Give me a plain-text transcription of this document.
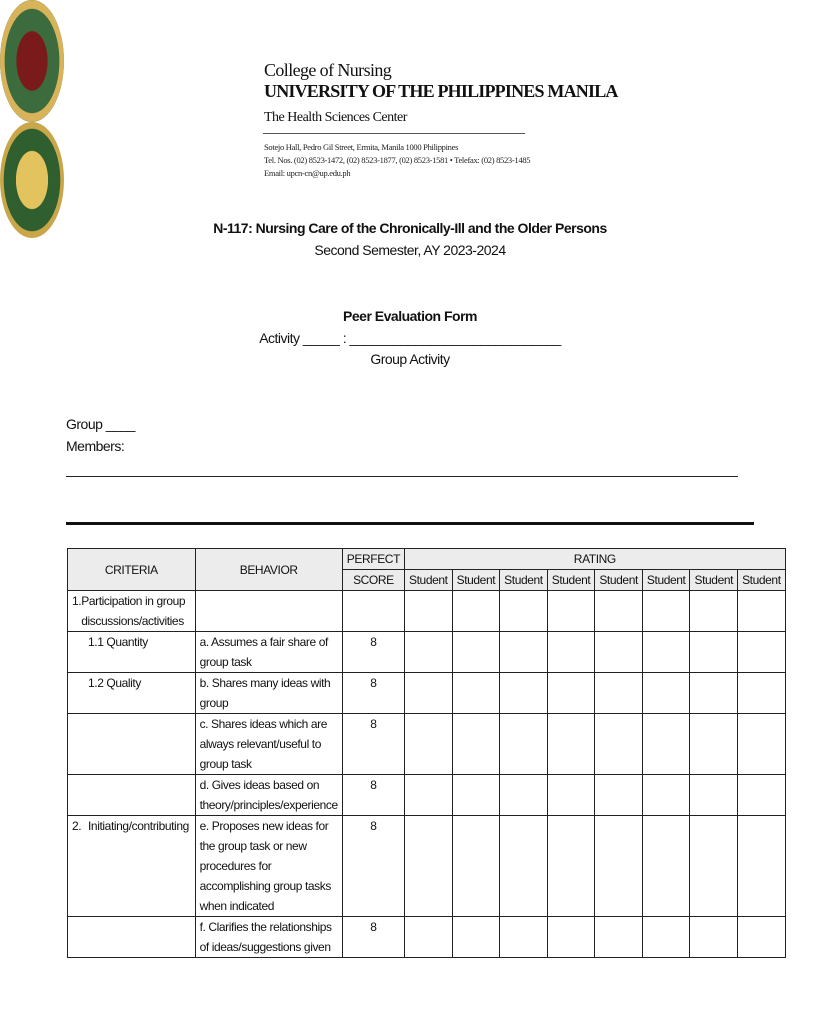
College of Nursing
UNIVERSITY OF THE PHILIPPINES MANILA
The Health Sciences Center
Sotejo Hall, Pedro Gil Street, Ermita, Manila 1000 Philippines
Tel. Nos. (02) 8523-1472, (02) 8523-1877, (02) 8523-1581 • Telefax: (02) 8523-1485
Email: upcn-cn@up.edu.ph
N-117: Nursing Care of the Chronically-Ill and the Older Persons
Second Semester, AY 2023-2024
Peer Evaluation Form
Activity _____ : _____________________________
Group Activity
Group ____
Members:
CRITERIA	BEHAVIOR	PERFECT	RATING							
		SCORE	Student	Student	Student	Student	Student	Student	Student	Student

1. Participation in group discussions/activities										

1.1 Quantity	a. Assumes a fair share of group task	8								
1.2 Quality	b. Shares many ideas with group	8								
	c. Shares ideas which are always relevant/useful to group task	8								
	d. Gives ideas based on theory/principles/experience	8								

2. Initiating/contributing	e. Proposes new ideas for the group task or new procedures for accomplishing group tasks when indicated	8								
	f. Clarifies the relationships of ideas/suggestions given	8								
